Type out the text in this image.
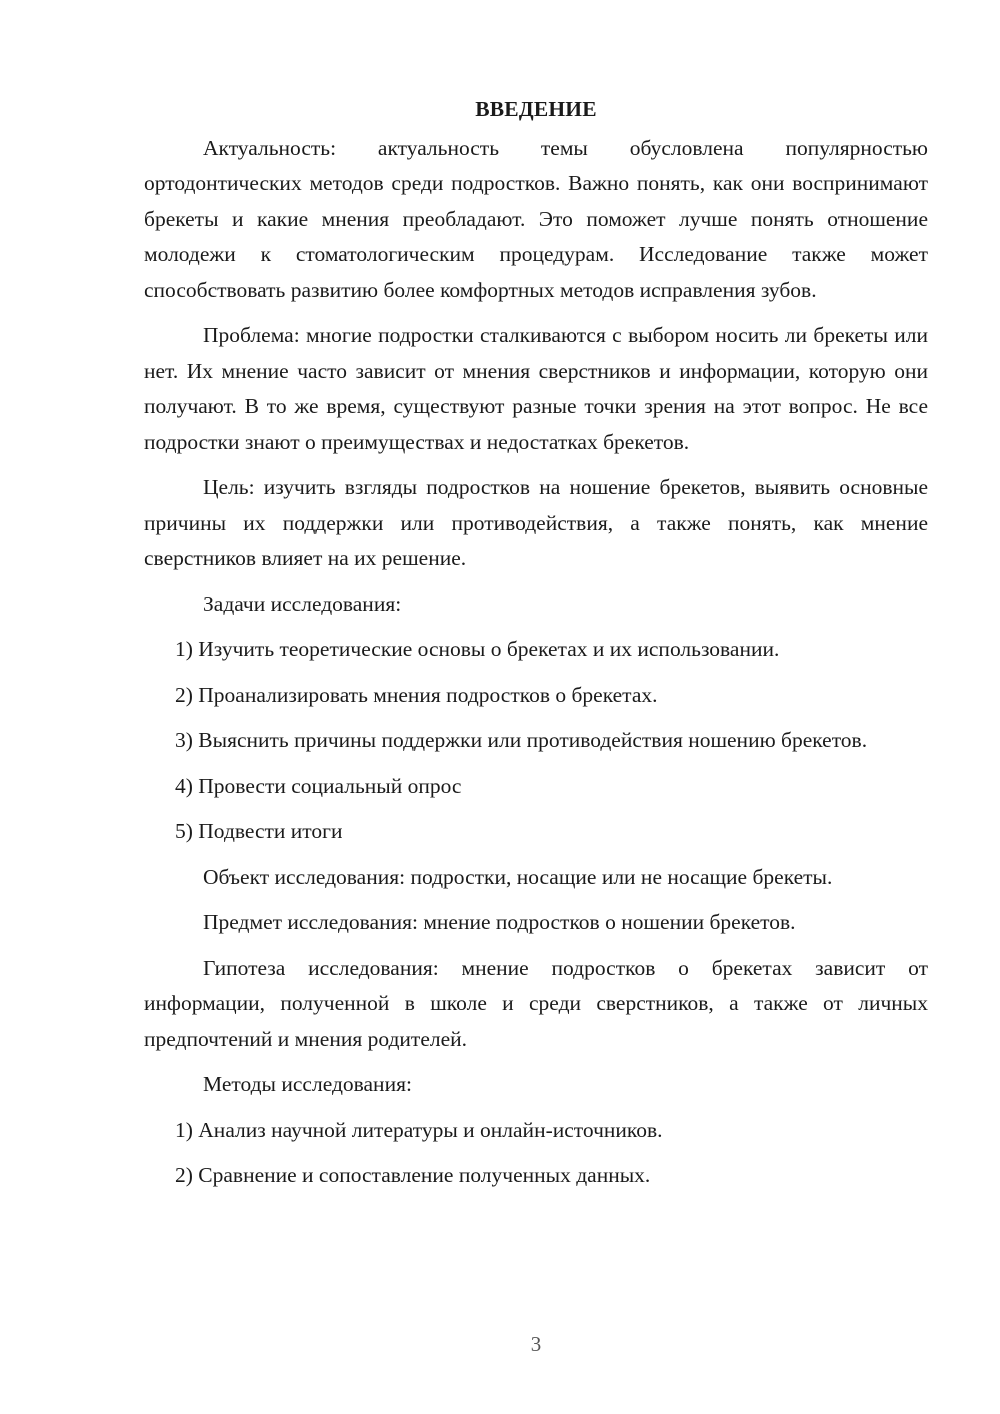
ВВЕДЕНИЕ

Актуальность: актуальность темы обусловлена популярностью ортодонтических методов среди подростков. Важно понять, как они воспринимают брекеты и какие мнения преобладают. Это поможет лучше понять отношение молодежи к стоматологическим процедурам. Исследование также может способствовать развитию более комфортных методов исправления зубов.

Проблема: многие подростки сталкиваются с выбором носить ли брекеты или нет. Их мнение часто зависит от мнения сверстников и информации, которую они получают. В то же время, существуют разные точки зрения на этот вопрос. Не все подростки знают о преимуществах и недостатках брекетов.

Цель: изучить взгляды подростков на ношение брекетов, выявить основные причины их поддержки или противодействия, а также понять, как мнение сверстников влияет на их решение.

Задачи исследования:

1) Изучить теоретические основы о брекетах и их использовании.

2) Проанализировать мнения подростков о брекетах.

3) Выяснить причины поддержки или противодействия ношению брекетов.

4) Провести социальный опрос

5) Подвести итоги

Объект исследования: подростки, носащие или не носащие брекеты.

Предмет исследования: мнение подростков о ношении брекетов.

Гипотеза исследования: мнение подростков о брекетах зависит от информации, полученной в школе и среди сверстников, а также от личных предпочтений и мнения родителей.

Методы исследования:

1) Анализ научной литературы и онлайн-источников.

2) Сравнение и сопоставление полученных данных.

3
